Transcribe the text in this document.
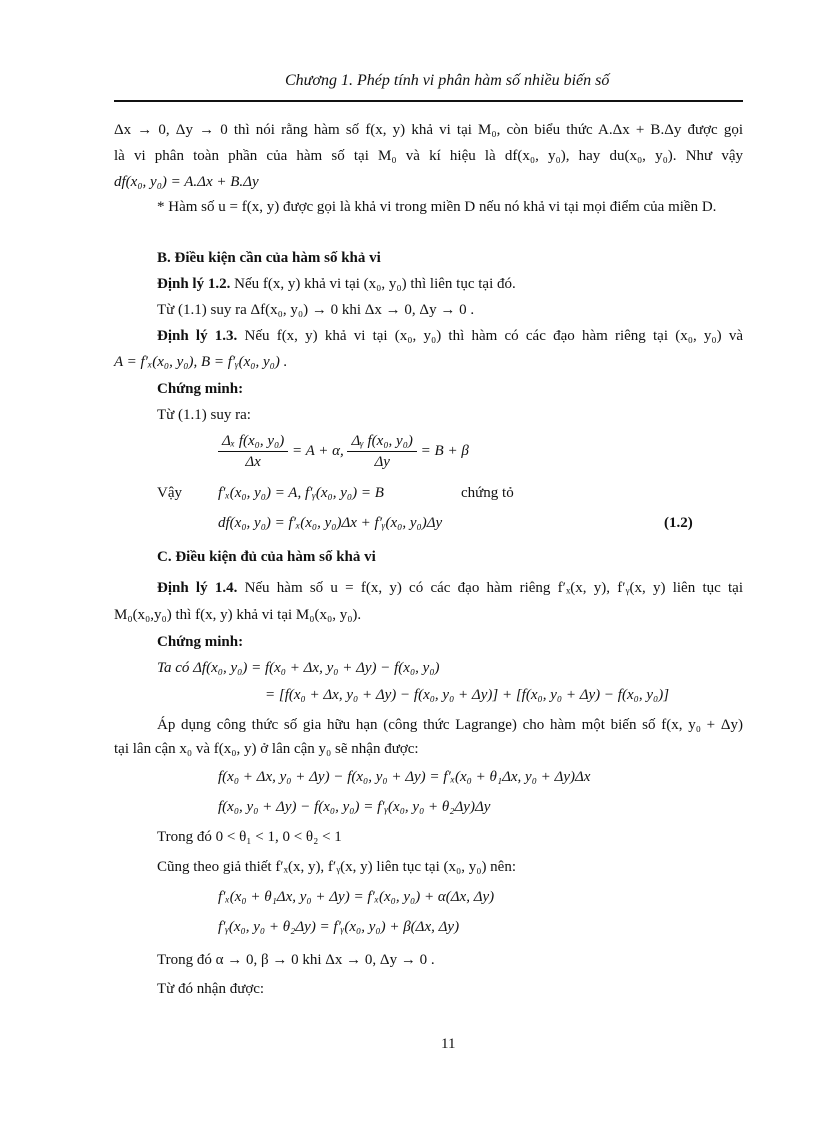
Chương 1. Phép tính vi phân hàm số nhiều biến số
Δx → 0, Δy → 0 thì nói rằng hàm số f(x, y) khả vi tại M₀, còn biểu thức A.Δx + B.Δy được gọi
là vi phân toàn phần của hàm số tại M₀ và kí hiệu là df(x₀, y₀), hay du(x₀, y₀). Như vậy
df(x₀, y₀) = A.Δx + B.Δy
* Hàm số u = f(x, y) được gọi là khả vi trong miền D nếu nó khả vi tại mọi điểm của miền D.
B. Điều kiện cần của hàm số khả vi
Định lý 1.2. Nếu f(x, y) khả vi tại (x₀, y₀) thì liên tục tại đó.
Từ (1.1) suy ra Δf(x₀, y₀) → 0 khi Δx → 0, Δy → 0 .
Định lý 1.3. Nếu f(x, y) khả vi tại (x₀, y₀) thì hàm có các đạo hàm riêng tại (x₀, y₀) và
A = f′ₓ(x₀, y₀), B = f′ᵧ(x₀, y₀) .
Chứng minh:
Từ (1.1) suy ra:
$\frac{\text{Δₓ f(x₀, y₀)}}{\Delta x} = A + \alpha$, $\frac{\text{Δᵧ f(x₀, y₀)}}{\Delta y} = B + \beta$
Vậy f′ₓ(x₀, y₀) = A, f′ᵧ(x₀, y₀) = B	chứng tỏ
df(x₀, y₀) = f′ₓ(x₀, y₀)Δx + f′ᵧ(x₀, y₀)Δy	(1.2)
C. Điều kiện đủ của hàm số khả vi
Định lý 1.4. Nếu hàm số u = f(x, y) có các đạo hàm riêng f′ₓ(x, y), f′ᵧ(x, y) liên tục tại
M₀(x₀,y₀) thì f(x, y) khả vi tại M₀(x₀, y₀).
Chứng minh:
Ta có Δf(x₀, y₀) = f(x₀ + Δx, y₀ + Δy) − f(x₀, y₀)
= [f(x₀ + Δx, y₀ + Δy) − f(x₀, y₀ + Δy)] + [f(x₀, y₀ + Δy) − f(x₀, y₀)]
Áp dụng công thức số gia hữu hạn (công thức Lagrange) cho hàm một biến số f(x, y₀ + Δy)
tại lân cận x₀ và f(x₀, y) ở lân cận y₀ sẽ nhận được:
f(x₀ + Δx, y₀ + Δy) − f(x₀, y₀ + Δy) = f′ₓ(x₀ + θ₁Δx, y₀ + Δy)Δx
f(x₀, y₀ + Δy) − f(x₀, y₀) = f′ᵧ(x₀, y₀ + θ₂Δy)Δy
Trong đó 0 < θ₁ < 1, 0 < θ₂ < 1
Cũng theo giả thiết f′ₓ(x, y), f′ᵧ(x, y) liên tục tại (x₀, y₀) nên:
f′ₓ(x₀ + θ₁Δx, y₀ + Δy) = f′ₓ(x₀, y₀) + α(Δx, Δy)
f′ᵧ(x₀, y₀ + θ₂Δy) = f′ᵧ(x₀, y₀) + β(Δx, Δy)
Trong đó α → 0, β → 0 khi Δx → 0, Δy → 0 .
Từ đó nhận được:
11
